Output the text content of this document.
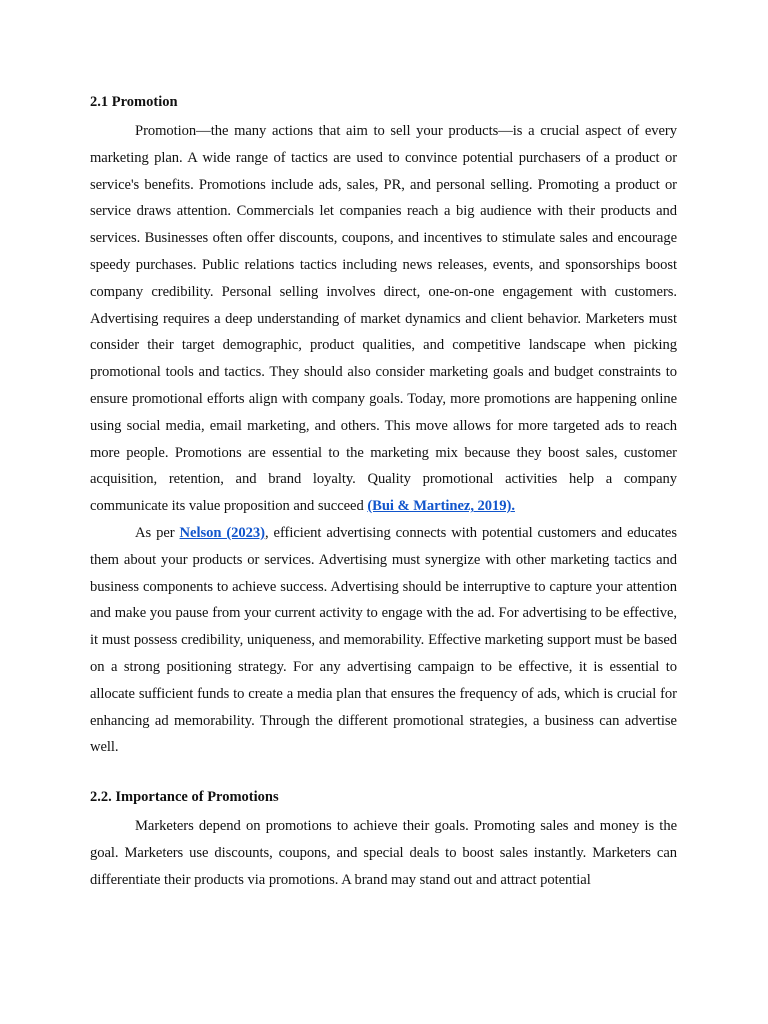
2.1 Promotion

Promotion—the many actions that aim to sell your products—is a crucial aspect of every marketing plan. A wide range of tactics are used to convince potential purchasers of a product or service's benefits. Promotions include ads, sales, PR, and personal selling. Promoting a product or service draws attention. Commercials let companies reach a big audience with their products and services. Businesses often offer discounts, coupons, and incentives to stimulate sales and encourage speedy purchases. Public relations tactics including news releases, events, and sponsorships boost company credibility. Personal selling involves direct, one-on-one engagement with customers. Advertising requires a deep understanding of market dynamics and client behavior. Marketers must consider their target demographic, product qualities, and competitive landscape when picking promotional tools and tactics. They should also consider marketing goals and budget constraints to ensure promotional efforts align with company goals. Today, more promotions are happening online using social media, email marketing, and others. This move allows for more targeted ads to reach more people. Promotions are essential to the marketing mix because they boost sales, customer acquisition, retention, and brand loyalty. Quality promotional activities help a company communicate its value proposition and succeed (Bui & Martinez, 2019).

As per Nelson (2023), efficient advertising connects with potential customers and educates them about your products or services. Advertising must synergize with other marketing tactics and business components to achieve success. Advertising should be interruptive to capture your attention and make you pause from your current activity to engage with the ad. For advertising to be effective, it must possess credibility, uniqueness, and memorability. Effective marketing support must be based on a strong positioning strategy. For any advertising campaign to be effective, it is essential to allocate sufficient funds to create a media plan that ensures the frequency of ads, which is crucial for enhancing ad memorability. Through the different promotional strategies, a business can advertise well.

2.2. Importance of Promotions

Marketers depend on promotions to achieve their goals. Promoting sales and money is the goal. Marketers use discounts, coupons, and special deals to boost sales instantly. Marketers can differentiate their products via promotions. A brand may stand out and attract potential
